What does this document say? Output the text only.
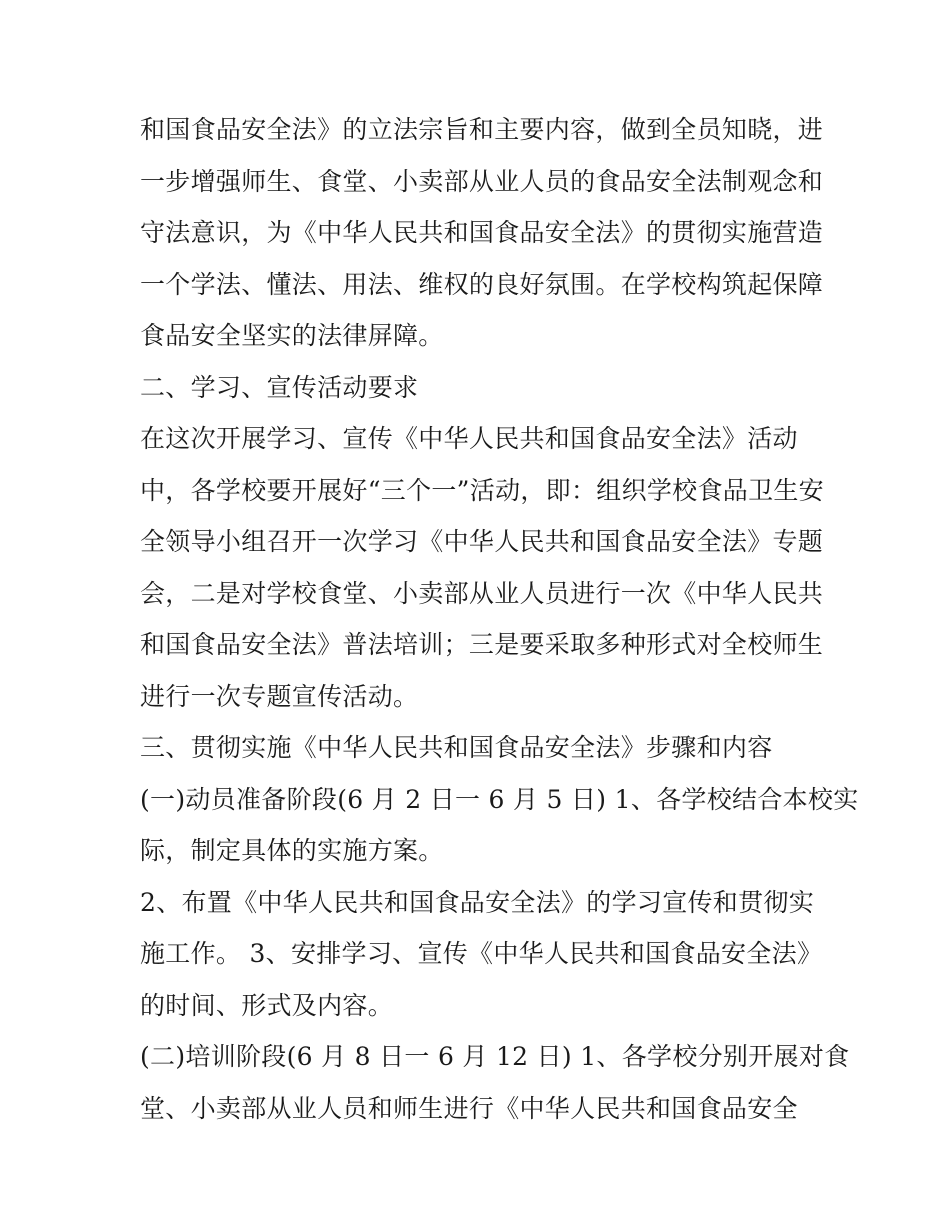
和国食品安全法》的立法宗旨和主要内容，做到全员知晓，进
一步增强师生、食堂、小卖部从业人员的食品安全法制观念和
守法意识，为《中华人民共和国食品安全法》的贯彻实施营造
一个学法、懂法、用法、维权的良好氛围。在学校构筑起保障
食品安全坚实的法律屏障。
二、学习、宣传活动要求
在这次开展学习、宣传《中华人民共和国食品安全法》活动
中，各学校要开展好“三个一”活动，即：组织学校食品卫生安
全领导小组召开一次学习《中华人民共和国食品安全法》专题
会，二是对学校食堂、小卖部从业人员进行一次《中华人民共
和国食品安全法》普法培训；三是要采取多种形式对全校师生
进行一次专题宣传活动。
三、贯彻实施《中华人民共和国食品安全法》步骤和内容
(一)动员准备阶段(6 月 2 日一 6 月 5 日) 1、各学校结合本校实
际，制定具体的实施方案。
2、布置《中华人民共和国食品安全法》的学习宣传和贯彻实
施工作。 3、安排学习、宣传《中华人民共和国食品安全法》
的时间、形式及内容。
(二)培训阶段(6 月 8 日一 6 月 12 日) 1、各学校分别开展对食
堂、小卖部从业人员和师生进行《中华人民共和国食品安全
